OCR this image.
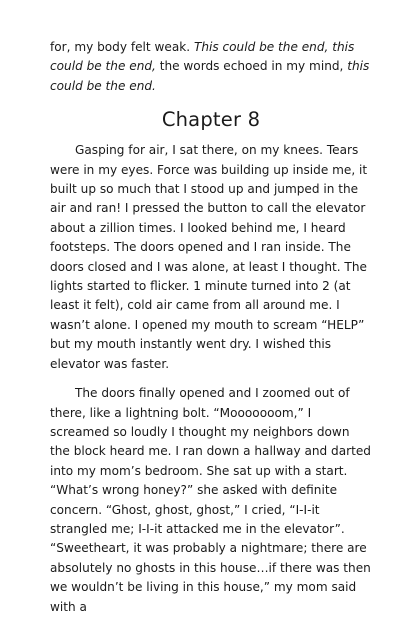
for, my body felt weak. This could be the end, this could be the end, the words echoed in my mind, this could be the end.

Chapter 8

Gasping for air, I sat there, on my knees. Tears were in my eyes. Force was building up inside me, it built up so much that I stood up and jumped in the air and ran! I pressed the button to call the elevator about a zillion times. I looked behind me, I heard footsteps. The doors opened and I ran inside. The doors closed and I was alone, at least I thought. The lights started to flicker. 1 minute turned into 2 (at least it felt), cold air came from all around me. I wasn’t alone. I opened my mouth to scream “HELP” but my mouth instantly went dry. I wished this elevator was faster.

The doors finally opened and I zoomed out of there, like a lightning bolt. “Mooooooom,” I screamed so loudly I thought my neighbors down the block heard me. I ran down a hallway and darted into my mom’s bedroom. She sat up with a start. “What’s wrong honey?” she asked with definite concern. “Ghost, ghost, ghost,” I cried, “I-I-it strangled me; I-I-it attacked me in the elevator”. “Sweetheart, it was probably a nightmare; there are absolutely no ghosts in this house…if there was then we wouldn’t be living in this house,” my mom said with a
